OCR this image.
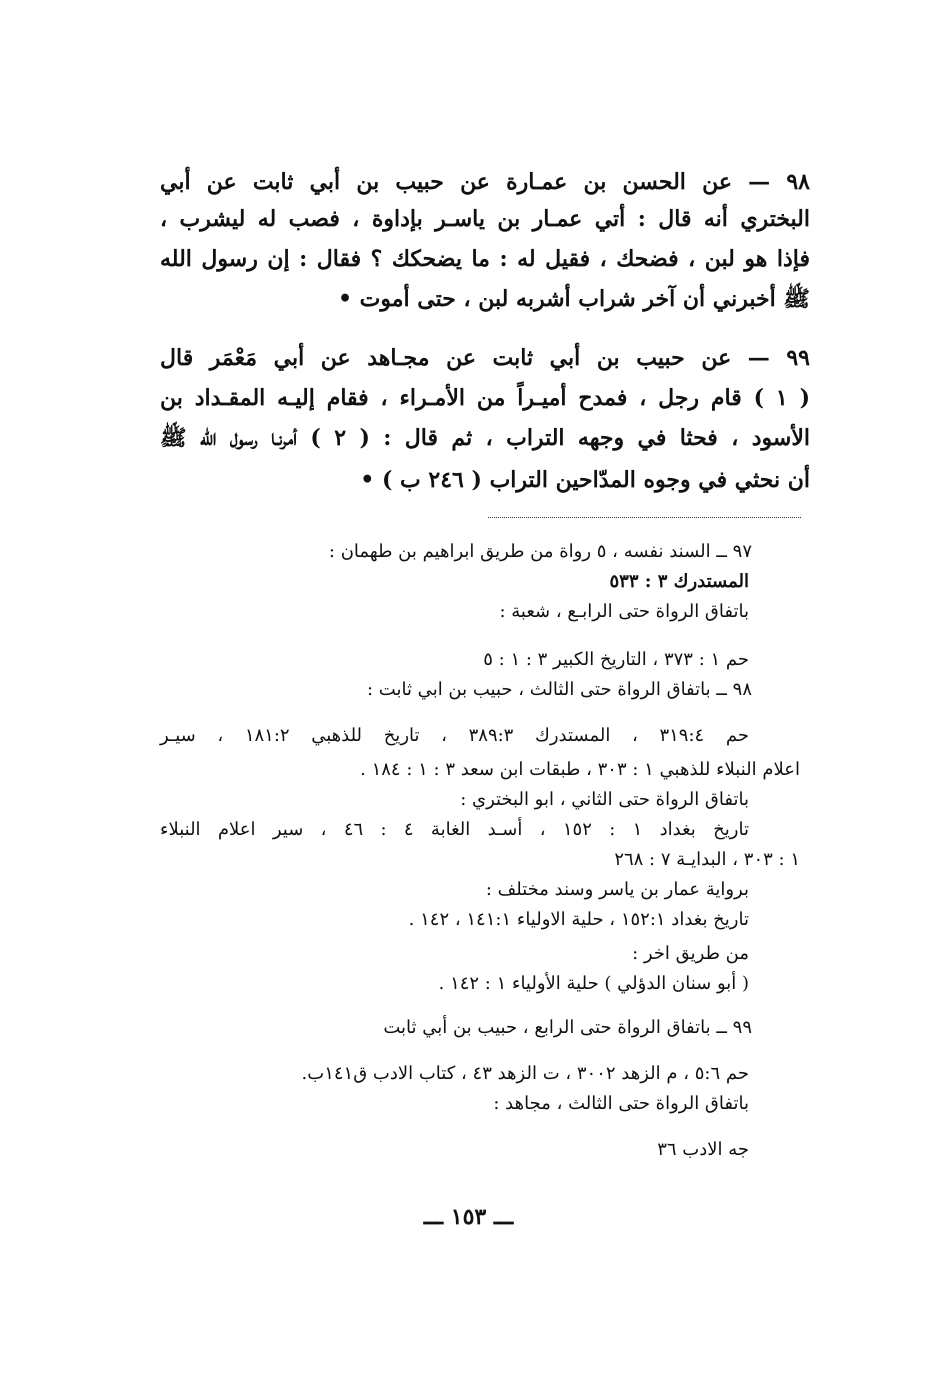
٩٨ — عن الحسن بن عمـارة عن حبيب بن أبي ثابت عن أبي
البختري أنه قال : أتي عمـار بن ياسـر بإداوة ، فصب له ليشرب ،
فإذا هو لبن ، فضحك ، فقيل له : ما يضحكك ؟ فقال : إن رسول الله
ﷺ أخبرني أن آخر شراب أشربه لبن ، حتى أموت •
٩٩ — عن حبيب بن أبي ثابت عن مجـاهد عن أبي مَعْمَر قال
( ١ ) قام رجل ، فمدح أميـراً من الأمـراء ، فقام إليـه المقـداد بن
الأسود ، فحثا في وجهه التراب ، ثم قال : ( ٢ ) أمرنـا رسول الله ﷺ
أن نحثي في وجوه المدّاحين التراب ( ٢٤٦ ب ) •
٩٧ ــ السند نفسه ، ٥ رواة من طريق ابراهيم بن طهمان :
المستدرك ٣ : ٥٣٣
باتفاق الرواة حتى الرابـع ، شعبة :
حم ١ : ٣٧٣ ، التاريخ الكبير ٣ : ١ : ٥
٩٨ ــ باتفاق الرواة حتى الثالث ، حبيب بن ابي ثابت :
حم ٣١٩:٤ ، المستدرك ٣٨٩:٣ ، تاريخ للذهبي ١٨١:٢ ، سيـر
اعلام النبلاء للذهبي ١ : ٣٠٣ ، طبقات ابن سعد ٣ : ١ : ١٨٤ .
باتفاق الرواة حتى الثاني ، ابو البختري :
تاريخ بغداد ١ : ١٥٢ ، أسـد الغابة ٤ : ٤٦ ، سير اعلام النبلاء
١ : ٣٠٣ ، البدايـة ٧ : ٢٦٨
برواية عمار بن ياسر وسند مختلف :
تاريخ بغداد ١٥٢:١ ، حلية الاولياء ١٤١:١ ، ١٤٢ .
من طريق اخر :
( أبو سنان الدؤلي ) حلية الأولياء ١ : ١٤٢ .
٩٩ ــ باتفاق الرواة حتى الرابع ، حبيب بن أبي ثابت
حم ٥:٦ ، م الزهد ٣٠٠٢ ، ت الزهد ٤٣ ، كتاب الادب ق١٤١ب.
باتفاق الرواة حتى الثالث ، مجاهد :
جه الادب ٣٦
ـــ ١٥٣ ـــ
